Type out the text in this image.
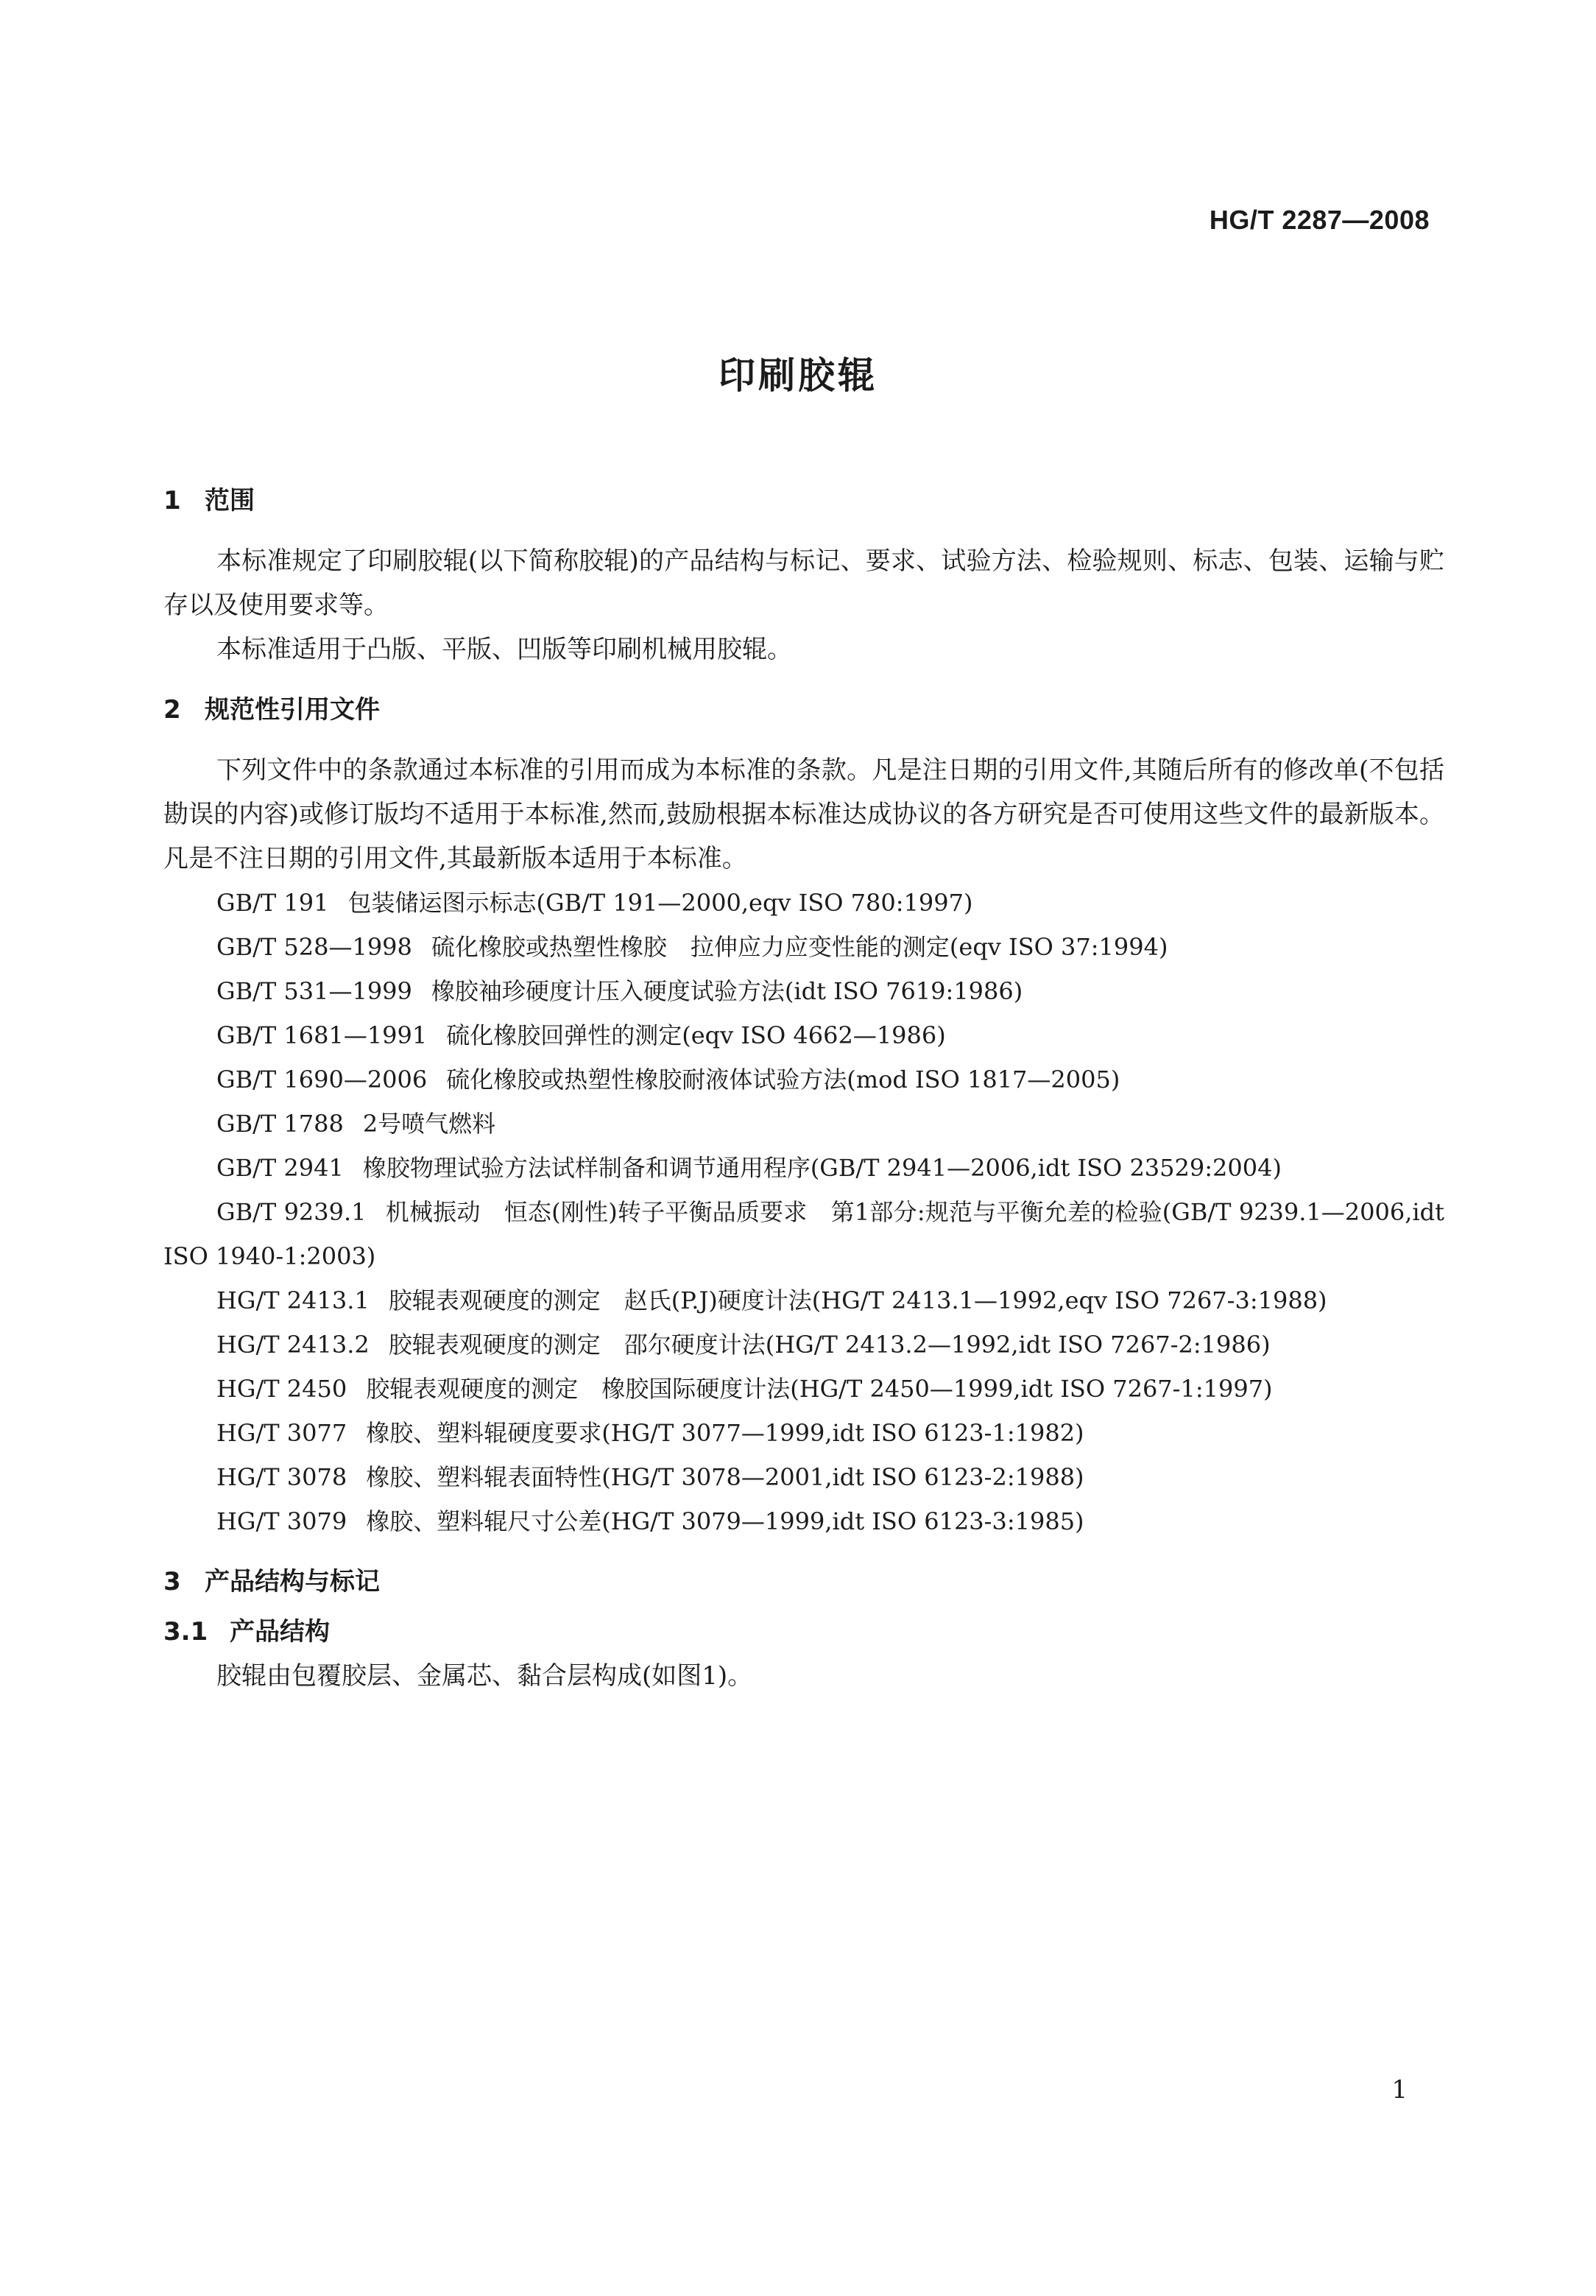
HG/T 2287—2008
印刷胶辊
1 范围

本标准规定了印刷胶辊(以下简称胶辊)的产品结构与标记、要求、试验方法、检验规则、标志、包装、运输与贮存以及使用要求等。

本标准适用于凸版、平版、凹版等印刷机械用胶辊。

2 规范性引用文件

下列文件中的条款通过本标准的引用而成为本标准的条款。凡是注日期的引用文件,其随后所有的修改单(不包括勘误的内容)或修订版均不适用于本标准,然而,鼓励根据本标准达成协议的各方研究是否可使用这些文件的最新版本。凡是不注日期的引用文件,其最新版本适用于本标准。

GB/T 191 包装储运图示标志(GB/T 191—2000,eqv ISO 780:1997)
GB/T 528—1998 硫化橡胶或热塑性橡胶　拉伸应力应变性能的测定(eqv ISO 37:1994)
GB/T 531—1999 橡胶袖珍硬度计压入硬度试验方法(idt ISO 7619:1986)
GB/T 1681—1991 硫化橡胶回弹性的测定(eqv ISO 4662—1986)
GB/T 1690—2006 硫化橡胶或热塑性橡胶耐液体试验方法(mod ISO 1817—2005)
GB/T 1788 2号喷气燃料
GB/T 2941 橡胶物理试验方法试样制备和调节通用程序(GB/T 2941—2006,idt ISO 23529:2004)
GB/T 9239.1 机械振动　恒态(刚性)转子平衡品质要求　第1部分:规范与平衡允差的检验(GB/T 9239.1—2006,idt ISO 1940-1:2003)
HG/T 2413.1 胶辊表观硬度的测定　赵氏(P.J)硬度计法(HG/T 2413.1—1992,eqv ISO 7267-3:1988)
HG/T 2413.2 胶辊表观硬度的测定　邵尔硬度计法(HG/T 2413.2—1992,idt ISO 7267-2:1986)
HG/T 2450 胶辊表观硬度的测定　橡胶国际硬度计法(HG/T 2450—1999,idt ISO 7267-1:1997)
HG/T 3077 橡胶、塑料辊硬度要求(HG/T 3077—1999,idt ISO 6123-1:1982)
HG/T 3078 橡胶、塑料辊表面特性(HG/T 3078—2001,idt ISO 6123-2:1988)
HG/T 3079 橡胶、塑料辊尺寸公差(HG/T 3079—1999,idt ISO 6123-3:1985)
3 产品结构与标记
3.1 产品结构

胶辊由包覆胶层、金属芯、黏合层构成(如图1)。

1
